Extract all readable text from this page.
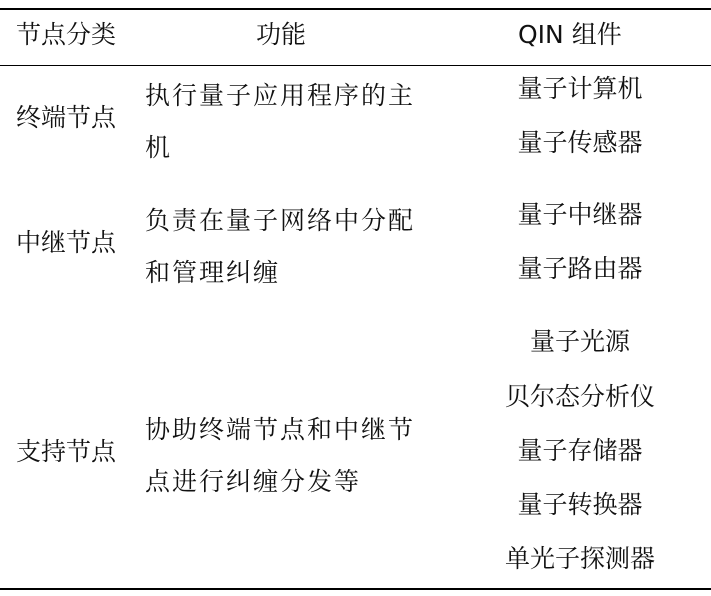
节点分类	功能	QIN 组件
终端节点
执行量子应用程序的主机
量子计算机
量子传感器
中继节点
负责在量子网络中分配和管理纠缠
量子中继器
量子路由器
支持节点
协助终端节点和中继节点进行纠缠分发等
量子光源
贝尔态分析仪
量子存储器
量子转换器
单光子探测器
